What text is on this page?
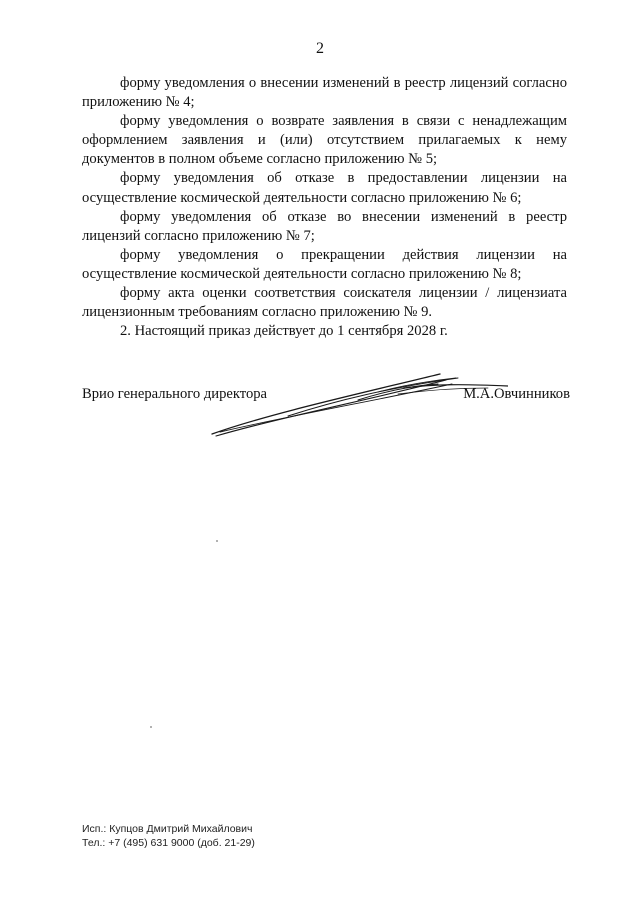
2

форму уведомления о внесении изменений в реестр лицензий согласно приложению № 4;

форму уведомления о возврате заявления в связи с ненадлежащим оформлением заявления и (или) отсутствием прилагаемых к нему документов в полном объеме согласно приложению № 5;

форму уведомления об отказе в предоставлении лицензии на осуществление космической деятельности согласно приложению № 6;

форму уведомления об отказе во внесении изменений в реестр лицензий согласно приложению № 7;

форму уведомления о прекращении действия лицензии на осуществление космической деятельности согласно приложению № 8;

форму акта оценки соответствия соискателя лицензии / лицензиата лицензионным требованиям согласно приложению № 9.

2. Настоящий приказ действует до 1 сентября 2028 г.

Врио генерального директора	М.А.Овчинников
Исп.: Купцов Дмитрий Михайлович
Тел.: +7 (495) 631 9000 (доб. 21-29)
